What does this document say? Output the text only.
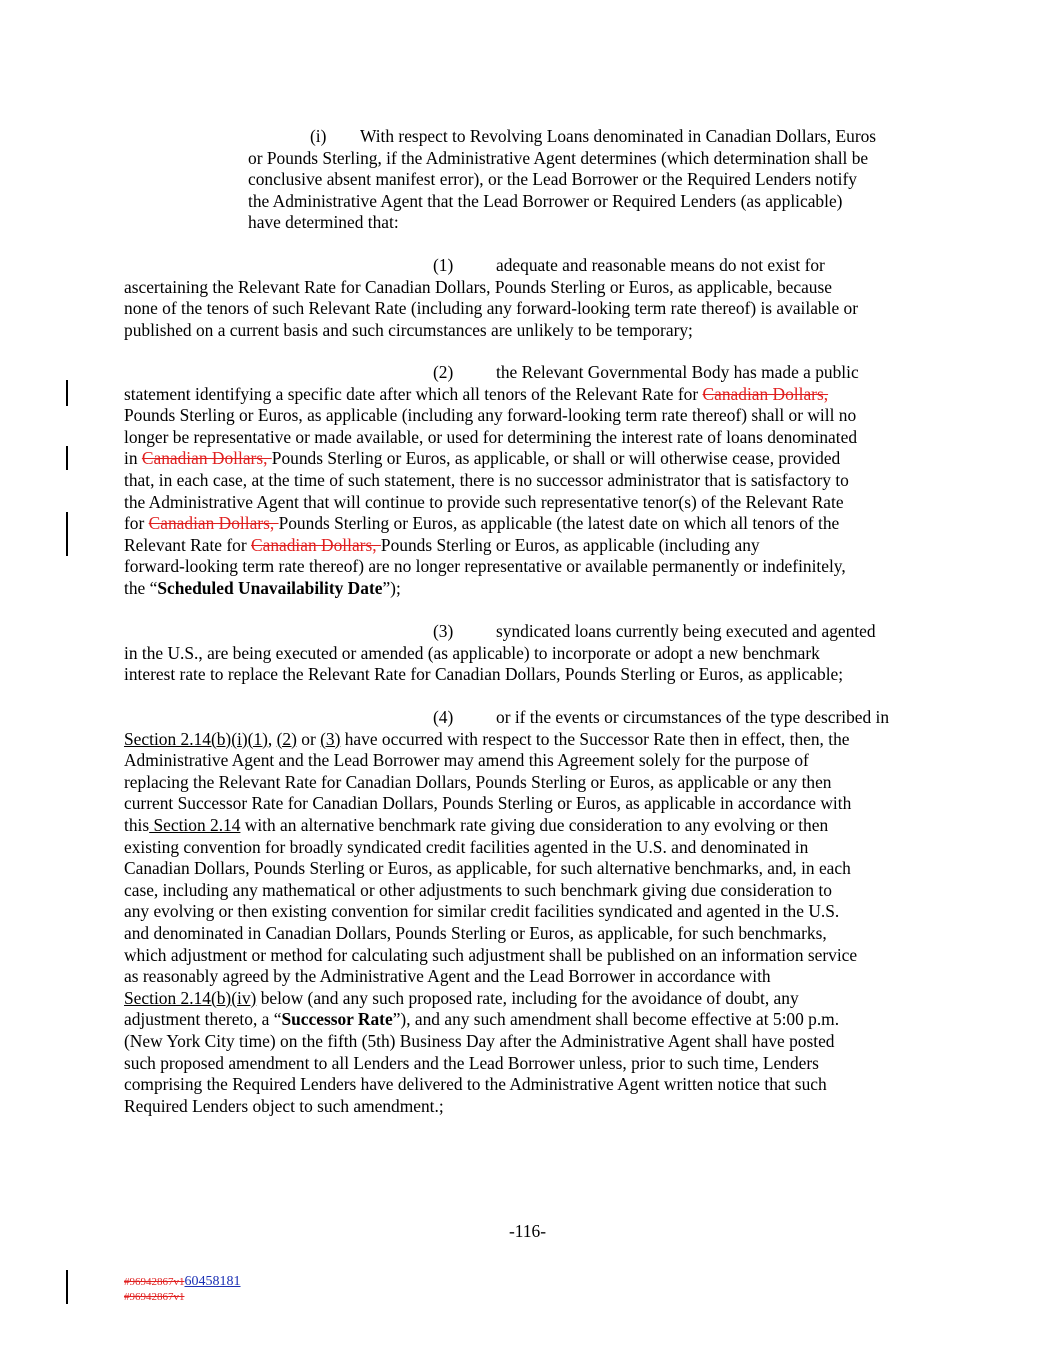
(i) With respect to Revolving Loans denominated in Canadian Dollars, Euros
or Pounds Sterling, if the Administrative Agent determines (which determination shall be
conclusive absent manifest error), or the Lead Borrower or the Required Lenders notify
the Administrative Agent that the Lead Borrower or Required Lenders (as applicable)
have determined that:
(1) adequate and reasonable means do not exist for
ascertaining the Relevant Rate for Canadian Dollars, Pounds Sterling or Euros, as applicable, because
none of the tenors of such Relevant Rate (including any forward-looking term rate thereof) is available or
published on a current basis and such circumstances are unlikely to be temporary;
(2) the Relevant Governmental Body has made a public
statement identifying a specific date after which all tenors of the Relevant Rate for Canadian Dollars,
Pounds Sterling or Euros, as applicable (including any forward-looking term rate thereof) shall or will no
longer be representative or made available, or used for determining the interest rate of loans denominated
in Canadian Dollars, Pounds Sterling or Euros, as applicable, or shall or will otherwise cease, provided
that, in each case, at the time of such statement, there is no successor administrator that is satisfactory to
the Administrative Agent that will continue to provide such representative tenor(s) of the Relevant Rate
for Canadian Dollars, Pounds Sterling or Euros, as applicable (the latest date on which all tenors of the
Relevant Rate for Canadian Dollars, Pounds Sterling or Euros, as applicable (including any
forward-looking term rate thereof) are no longer representative or available permanently or indefinitely,
the “Scheduled Unavailability Date”);
(3) syndicated loans currently being executed and agented
in the U.S., are being executed or amended (as applicable) to incorporate or adopt a new benchmark
interest rate to replace the Relevant Rate for Canadian Dollars, Pounds Sterling or Euros, as applicable;
(4) or if the events or circumstances of the type described in
Section 2.14(b)(i)(1), (2) or (3) have occurred with respect to the Successor Rate then in effect, then, the
Administrative Agent and the Lead Borrower may amend this Agreement solely for the purpose of
replacing the Relevant Rate for Canadian Dollars, Pounds Sterling or Euros, as applicable or any then
current Successor Rate for Canadian Dollars, Pounds Sterling or Euros, as applicable in accordance with
this Section 2.14 with an alternative benchmark rate giving due consideration to any evolving or then
existing convention for broadly syndicated credit facilities agented in the U.S. and denominated in
Canadian Dollars, Pounds Sterling or Euros, as applicable, for such alternative benchmarks, and, in each
case, including any mathematical or other adjustments to such benchmark giving due consideration to
any evolving or then existing convention for similar credit facilities syndicated and agented in the U.S.
and denominated in Canadian Dollars, Pounds Sterling or Euros, as applicable, for such benchmarks,
which adjustment or method for calculating such adjustment shall be published on an information service
as reasonably agreed by the Administrative Agent and the Lead Borrower in accordance with
Section 2.14(b)(iv) below (and any such proposed rate, including for the avoidance of doubt, any
adjustment thereto, a “Successor Rate”), and any such amendment shall become effective at 5:00 p.m.
(New York City time) on the fifth (5th) Business Day after the Administrative Agent shall have posted
such proposed amendment to all Lenders and the Lead Borrower unless, prior to such time, Lenders
comprising the Required Lenders have delivered to the Administrative Agent written notice that such
Required Lenders object to such amendment.;
-116-
#96942867v160458181
#96942867v1
